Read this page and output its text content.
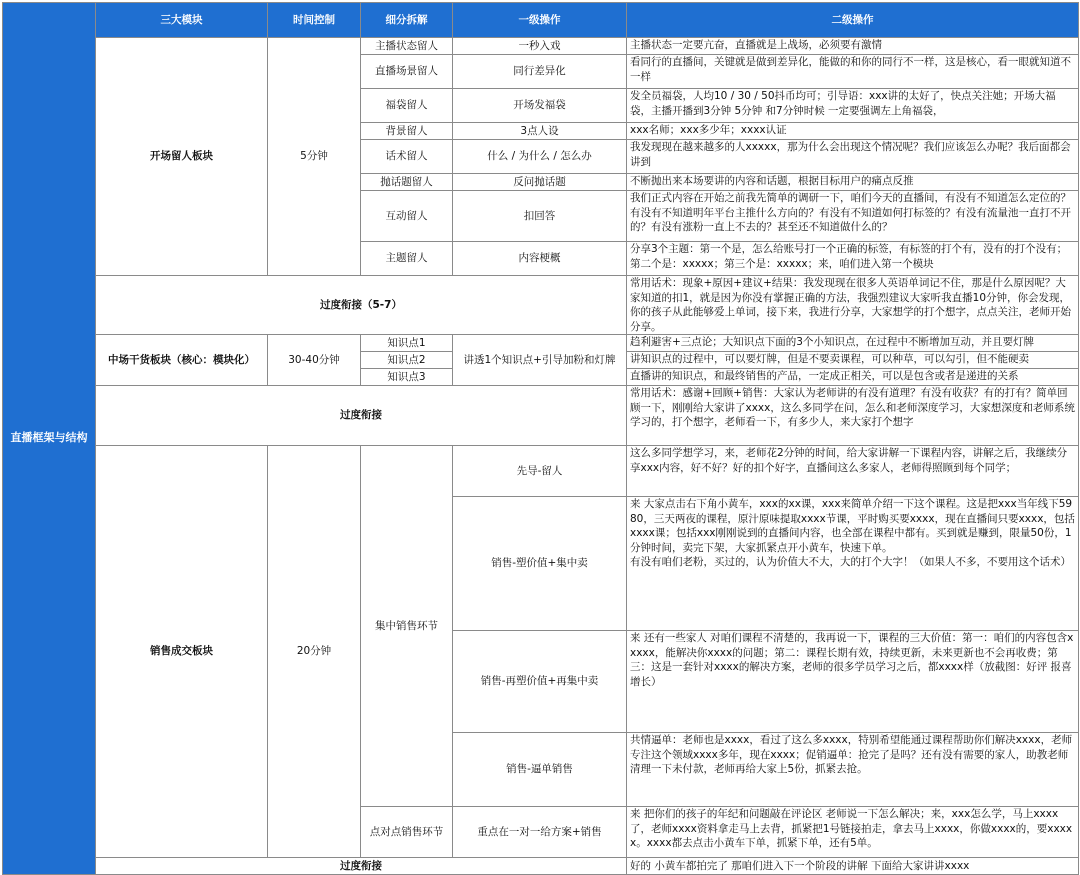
直播框架与结构	三大模块	时间控制	细分拆解	一级操作	二级操作
	开场留人板块	5分钟	主播状态留人	一秒入戏	主播状态一定要亢奋，直播就是上战场，必须要有激情
			直播场景留人	同行差异化	看同行的直播间，关键就是做到差异化，能做的和你的同行不一样，这是核心，看一眼就知道不一样
			福袋留人	开场发福袋	发全员福袋，人均10 / 30 / 50抖币均可；引导语：xxx讲的太好了，快点关注她；开场大福袋，主播开播到3分钟 5分钟 和7分钟时候 一定要强调左上角福袋，
			背景留人	3点人设	xxx名师；xxx多少年；xxxx认证
			话术留人	什么 / 为什么 / 怎么办	我发现现在越来越多的人xxxxx，那为什么会出现这个情况呢？我们应该怎么办呢？我后面都会讲到
			抛话题留人	反问抛话题	不断抛出来本场要讲的内容和话题，根据目标用户的痛点反推
			互动留人	扣回答	我们正式内容在开始之前我先简单的调研一下，咱们今天的直播间，有没有不知道怎么定位的？有没有不知道明年平台主推什么方向的？有没有不知道如何打标签的？有没有流量池一直打不开的？有没有涨粉一直上不去的？甚至还不知道做什么的？
			主题留人	内容梗概	分享3个主题：第一个是，怎么给账号打一个正确的标签，有标签的打个有，没有的打个没有；第二个是：xxxxx；第三个是：xxxxx；来，咱们进入第一个模块
	过度衔接（5-7）				常用话术：现象+原因+建议+结果：我发现现在很多人英语单词记不住，那是什么原因呢？大家知道的扣1，就是因为你没有掌握正确的方法，我强烈建议大家听我直播10分钟，你会发现，你的孩子从此能够爱上单词，接下来，我进行分享，大家想学的打个想字，点点关注，老师开始分享。
	中场干货板块（核心：模块化）	30-40分钟	知识点1	讲透1个知识点+引导加粉和灯牌	趋利避害+三点论；大知识点下面的3个小知识点，在过程中不断增加互动，并且要灯牌
			知识点2		讲知识点的过程中，可以要灯牌，但是不要卖课程，可以种草，可以勾引，但不能硬卖
			知识点3		直播讲的知识点，和最终销售的产品，一定成正相关，可以是包含或者是递进的关系
	过度衔接				常用话术：感谢+回顾+销售：大家认为老师讲的有没有道理？有没有收获？有的打有？简单回顾一下，刚刚给大家讲了xxxx，这么多同学在问，怎么和老师深度学习，大家想深度和老师系统学习的，打个想字，老师看一下，有多少人，来大家打个想字
	销售成交板块	20分钟	集中销售环节	先导-留人	这么多同学想学习，来，老师花2分钟的时间，给大家讲解一下课程内容，讲解之后，我继续分享xxx内容，好不好？好的扣个好字，直播间这么多家人，老师得照顾到每个同学；
				销售-塑价值+集中卖	来 大家点击右下角小黄车，xxx的xx课，xxx来简单介绍一下这个课程。这是把xxx当年线下5980，三天两夜的课程，原汁原味提取xxxx节课，平时购买要xxxx，现在直播间只要xxxx，包括xxxx课；包括xxx刚刚说到的直播间内容，也全部在课程中都有。买到就是赚到，限量50份，1分钟时间，卖完下架，大家抓紧点开小黄车，快速下单。
有没有咱们老粉，买过的，认为价值大不大，大的打个大字！（如果人不多，不要用这个话术）

				销售-再塑价值+再集中卖	来 还有一些家人 对咱们课程不清楚的，我再说一下，课程的三大价值：第一：咱们的内容包含xxxxx，能解决你xxxx的问题；第二：课程长期有效，持续更新，未来更新也不会再收费；第三：这是一套针对xxxx的解决方案，老师的很多学员学习之后，都xxxx样（放截图：好评 报喜 增长）
				销售-逼单销售	共情逼单：老师也是xxxx，看过了这么多xxxx，特别希望能通过课程帮助你们解决xxxx，老师专注这个领域xxxx多年，现在xxxx；促销逼单：抢完了是吗？还有没有需要的家人，助教老师清理一下未付款，老师再给大家上5份，抓紧去抢。
			点对点销售环节	重点在一对一给方案+销售	来 把你们的孩子的年纪和问题敲在评论区 老师说一下怎么解决；来，xxx怎么学，马上xxxx了，老师xxxx资料拿走马上去背，抓紧把1号链接拍走，拿去马上xxxx，你做xxxx的，要xxxxx。xxxx都去点击小黄车下单，抓紧下单，还有5单。
	过度衔接				好的 小黄车都拍完了 那咱们进入下一个阶段的讲解 下面给大家讲讲xxxx
